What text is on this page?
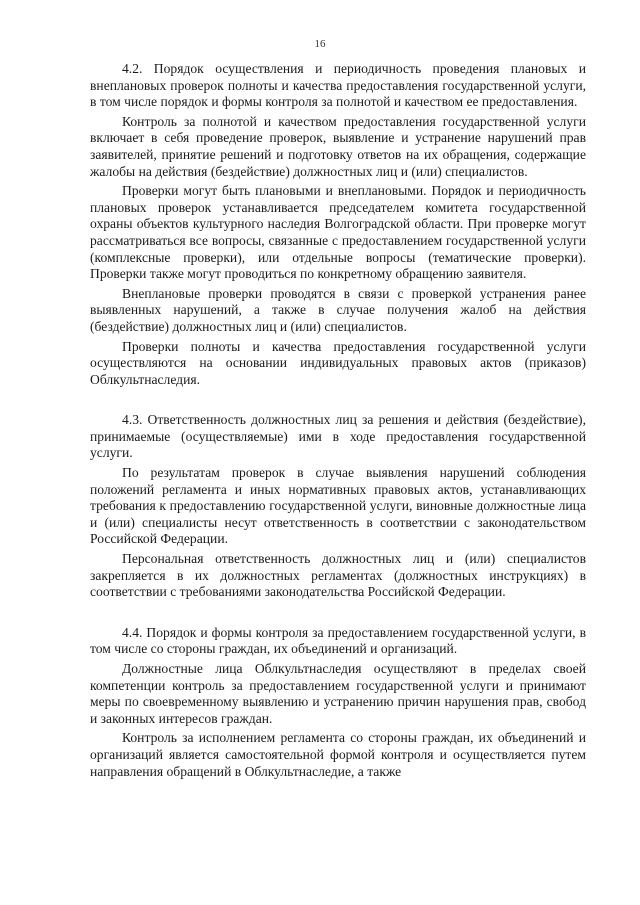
16

4.2. Порядок осуществления и периодичность проведения плановых и внеплановых проверок полноты и качества предоставления государственной услуги, в том числе порядок и формы контроля за полнотой и качеством ее предоставления.

Контроль за полнотой и качеством предоставления государственной услуги включает в себя проведение проверок, выявление и устранение нарушений прав заявителей, принятие решений и подготовку ответов на их обращения, содержащие жалобы на действия (бездействие) должностных лиц и (или) специалистов.

Проверки могут быть плановыми и внеплановыми. Порядок и периодичность плановых проверок устанавливается председателем комитета государственной охраны объектов культурного наследия Волгоградской области. При проверке могут рассматриваться все вопросы, связанные с предоставлением государственной услуги (комплексные проверки), или отдельные вопросы (тематические проверки). Проверки также могут проводиться по конкретному обращению заявителя.

Внеплановые проверки проводятся в связи с проверкой устранения ранее выявленных нарушений, а также в случае получения жалоб на действия (бездействие) должностных лиц и (или) специалистов.

Проверки полноты и качества предоставления государственной услуги осуществляются на основании индивидуальных правовых актов (приказов) Облкультнаследия.

4.3. Ответственность должностных лиц за решения и действия (бездействие), принимаемые (осуществляемые) ими в ходе предоставления государственной услуги.

По результатам проверок в случае выявления нарушений соблюдения положений регламента и иных нормативных правовых актов, устанавливающих требования к предоставлению государственной услуги, виновные должностные лица и (или) специалисты несут ответственность в соответствии с законодательством Российской Федерации.

Персональная ответственность должностных лиц и (или) специалистов закрепляется в их должностных регламентах (должностных инструкциях) в соответствии с требованиями законодательства Российской Федерации.

4.4. Порядок и формы контроля за предоставлением государственной услуги, в том числе со стороны граждан, их объединений и организаций.

Должностные лица Облкультнаследия осуществляют в пределах своей компетенции контроль за предоставлением государственной услуги и принимают меры по своевременному выявлению и устранению причин нарушения прав, свобод и законных интересов граждан.

Контроль за исполнением регламента со стороны граждан, их объединений и организаций является самостоятельной формой контроля и осуществляется путем направления обращений в Облкультнаследие, а также
